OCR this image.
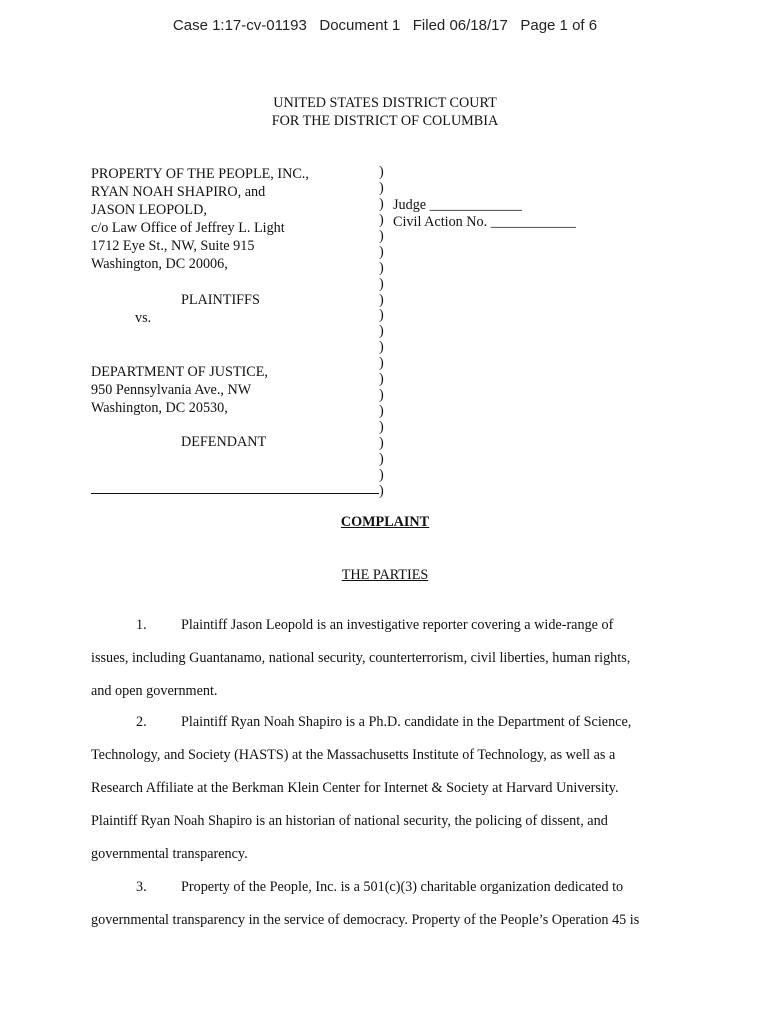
Case 1:17-cv-01193 Document 1 Filed 06/18/17 Page 1 of 6
UNITED STATES DISTRICT COURT
FOR THE DISTRICT OF COLUMBIA
PROPERTY OF THE PEOPLE, INC.,
RYAN NOAH SHAPIRO, and
JASON LEOPOLD,
c/o Law Office of Jeffrey L. Light
1712 Eye St., NW, Suite 915
Washington, DC 20006,
PLAINTIFFS
vs.
DEPARTMENT OF JUSTICE,
950 Pennsylvania Ave., NW
Washington, DC 20530,
DEFENDANT
)
)
)
)
)
)
)
)
)
)
)
)
)
)
)
)
)
)
)
)
)
Judge _____________
Civil Action No. ____________
COMPLAINT
THE PARTIES
1. Plaintiff Jason Leopold is an investigative reporter covering a wide-range of
issues, including Guantanamo, national security, counterterrorism, civil liberties, human rights,
and open government.
2. Plaintiff Ryan Noah Shapiro is a Ph.D. candidate in the Department of Science,
Technology, and Society (HASTS) at the Massachusetts Institute of Technology, as well as a
Research Affiliate at the Berkman Klein Center for Internet & Society at Harvard University.
Plaintiff Ryan Noah Shapiro is an historian of national security, the policing of dissent, and
governmental transparency.
3. Property of the People, Inc. is a 501(c)(3) charitable organization dedicated to
governmental transparency in the service of democracy. Property of the People’s Operation 45 is
